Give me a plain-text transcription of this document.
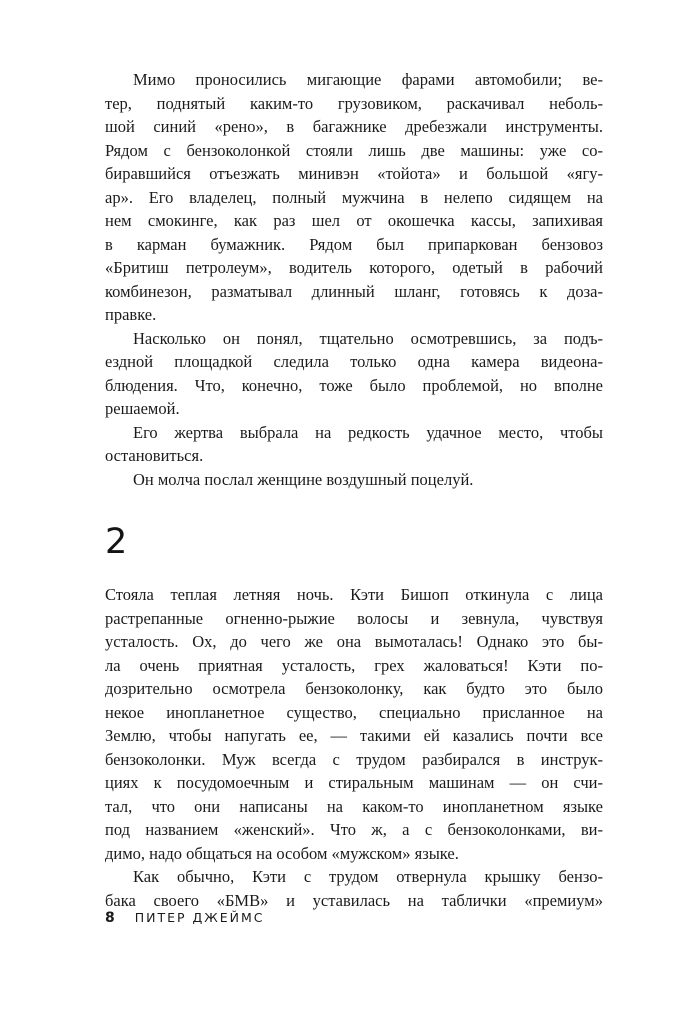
Мимо проносились мигающие фарами автомобили; ве-
тер, поднятый каким-то грузовиком, раскачивал неболь-
шой синий «рено», в багажнике дребезжали инструменты.
Рядом с бензоколонкой стояли лишь две машины: уже со-
биравшийся отъезжать минивэн «тойота» и большой «ягу-
ар». Его владелец, полный мужчина в нелепо сидящем на
нем смокинге, как раз шел от окошечка кассы, запихивая
в карман бумажник. Рядом был припаркован бензовоз
«Бритиш петролеум», водитель которого, одетый в рабочий
комбинезон, разматывал длинный шланг, готовясь к доза-
правке.
Насколько он понял, тщательно осмотревшись, за подъ-
ездной площадкой следила только одна камера видеона-
блюдения. Что, конечно, тоже было проблемой, но вполне
решаемой.
Его жертва выбрала на редкость удачное место, чтобы
остановиться.
Он молча послал женщине воздушный поцелуй.
2
Стояла теплая летняя ночь. Кэти Бишоп откинула с лица
растрепанные огненно-рыжие волосы и зевнула, чувствуя
усталость. Ох, до чего же она вымоталась! Однако это бы-
ла очень приятная усталость, грех жаловаться! Кэти по-
дозрительно осмотрела бензоколонку, как будто это было
некое инопланетное существо, специально присланное на
Землю, чтобы напугать ее, — такими ей казались почти все
бензоколонки. Муж всегда с трудом разбирался в инструк-
циях к посудомоечным и стиральным машинам — он счи-
тал, что они написаны на каком-то инопланетном языке
под названием «женский». Что ж, а с бензоколонками, ви-
димо, надо общаться на особом «мужском» языке.
Как обычно, Кэти с трудом отвернула крышку бензо-
бака своего «БМВ» и уставилась на таблички «премиум»
8 ПИТЕР ДЖЕЙМС
